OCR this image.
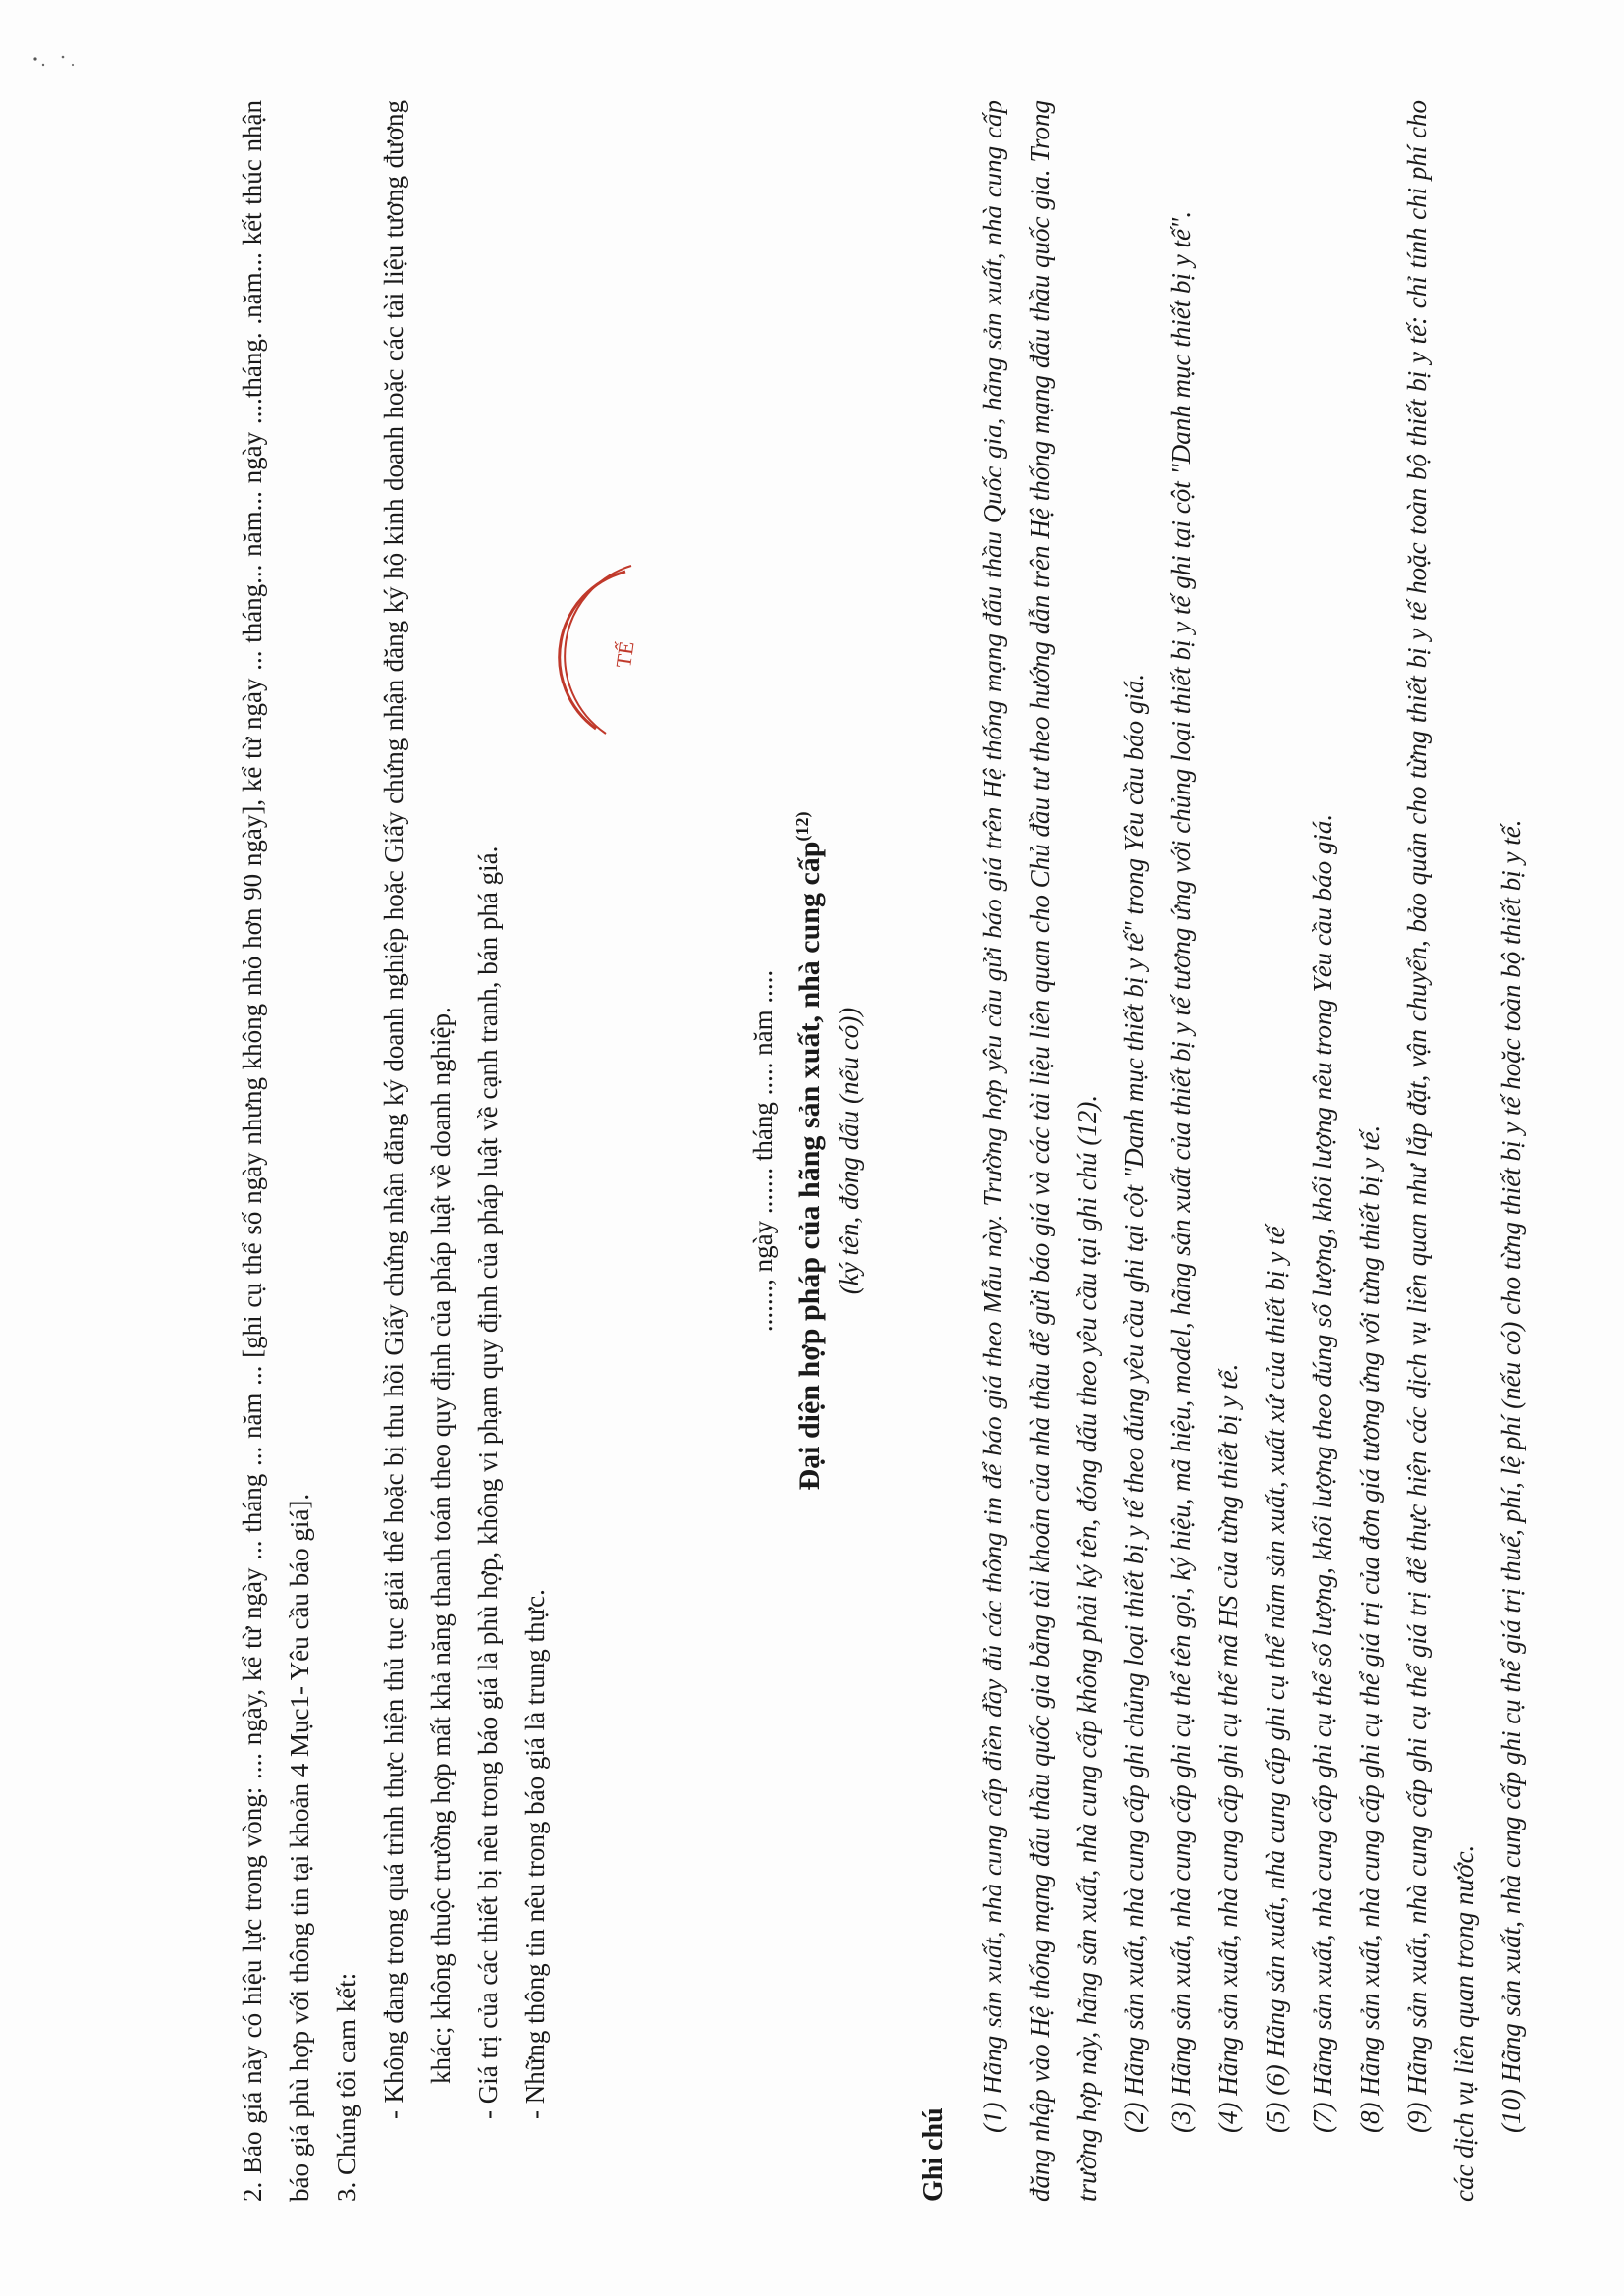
2. Báo giá này có hiệu lực trong vòng: .... ngày, kể từ ngày ... tháng ... năm ... [ghi cụ thể số ngày nhưng không nhỏ hơn 90 ngày], kể từ ngày ... tháng... năm... ngày ....tháng. .năm... kết thúc nhận báo giá phù hợp với thông tin tại khoản 4 Mục1- Yêu cầu báo giá]. 3. Chúng tôi cam kết: - Không đang trong quá trình thực hiện thủ tục giải thể hoặc bị thu hồi Giấy chứng nhận đăng ký doanh nghiệp hoặc Giấy chứng nhận đăng ký hộ kinh doanh hoặc các tài liệu tương đương khác; không thuộc trường hợp mất khả năng thanh toán theo quy định của pháp luật về doanh nghiệp. - Giá trị của các thiết bị nêu trong báo giá là phù hợp, không vi phạm quy định của pháp luật về cạnh tranh, bán phá giá. - Những thông tin nêu trong báo giá là trung thực.

......., ngày ....... tháng ..... năm ..... Đại diện hợp pháp của hãng sản xuất, nhà cung cấp$^{(12)}$
(ký tên, đóng dấu (nếu có))
TẾ
Ghi chú

(1) Hãng sản xuất, nhà cung cấp điền đầy đủ các thông tin để báo giá theo Mẫu này. Trường hợp yêu cầu gửi báo giá trên Hệ thống mạng đấu thầu Quốc gia, hãng sản xuất, nhà cung cấp đăng nhập vào Hệ thống mạng đấu thầu quốc gia bằng tài khoản của nhà thầu để gửi báo giá và các tài liệu liên quan cho Chủ đầu tư theo hướng dẫn trên Hệ thống mạng đấu thầu quốc gia. Trong trường hợp này, hãng sản xuất, nhà cung cấp không phải ký tên, đóng dấu theo yêu cầu tại ghi chú (12). (2) Hãng sản xuất, nhà cung cấp ghi chủng loại thiết bị y tế theo đúng yêu cầu ghi tại cột "Danh mục thiết bị y tế" trong Yêu cầu báo giá. (3) Hãng sản xuất, nhà cung cấp ghi cụ thể tên gọi, ký hiệu, mã hiệu, model, hãng sản xuất của thiết bị y tế tương ứng với chủng loại thiết bị y tế ghi tại cột "Danh mục thiết bị y tế". (4) Hãng sản xuất, nhà cung cấp ghi cụ thể mã HS của từng thiết bị y tế. (5) (6) Hãng sản xuất, nhà cung cấp ghi cụ thể năm sản xuất, xuất xứ của thiết bị y tế (7) Hãng sản xuất, nhà cung cấp ghi cụ thể số lượng, khối lượng theo đúng số lượng, khối lượng nêu trong Yêu cầu báo giá. (8) Hãng sản xuất, nhà cung cấp ghi cụ thể giá trị của đơn giá tương ứng với từng thiết bị y tế. (9) Hãng sản xuất, nhà cung cấp ghi cụ thể giá trị để thực hiện các dịch vụ liên quan như lắp đặt, vận chuyển, bảo quản cho từng thiết bị y tế hoặc toàn bộ thiết bị y tế: chỉ tính chi phí cho các dịch vụ liên quan trong nước. (10) Hãng sản xuất, nhà cung cấp ghi cụ thể giá trị thuế, phí, lệ phí (nếu có) cho từng thiết bị y tế hoặc toàn bộ thiết bị y tế.
